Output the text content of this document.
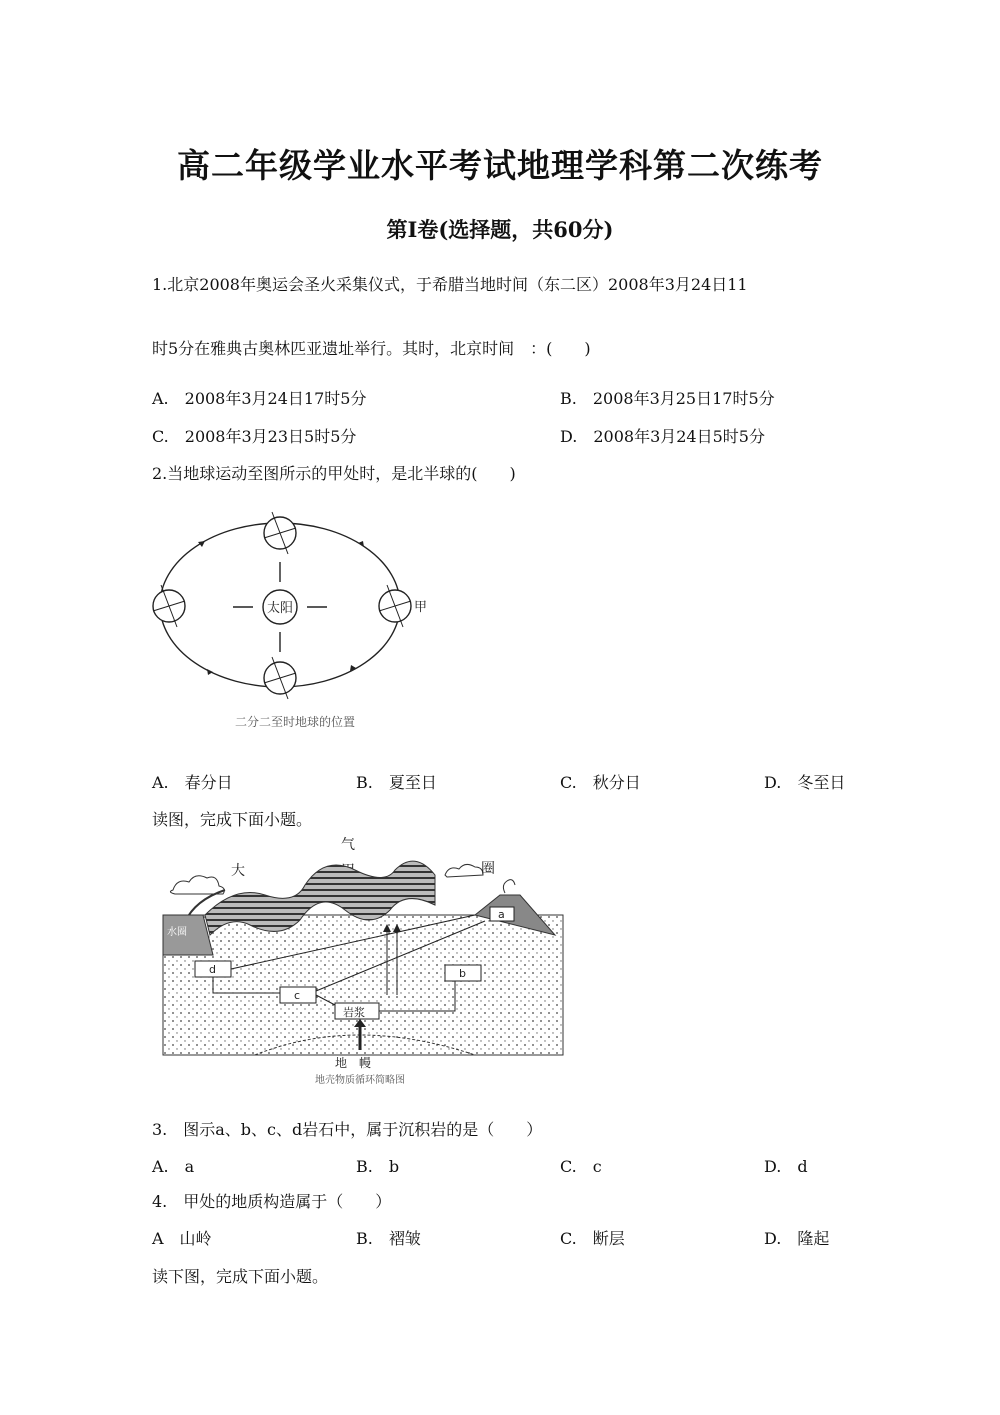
高二年级学业水平考试地理学科第二次练考
第Ⅰ卷(选择题，共60分)
1.北京2008年奥运会圣火采集仪式，于希腊当地时间（东二区）2008年3月24日11
时5分在雅典古奥林匹亚遗址举行。其时，北京时间　：(　　)
A.　2008年3月24日17时5分	B.　2008年3月25日17时5分
C.　2008年3月23日5时5分	D.　2008年3月24日5时5分
2.当地球运动至图所示的甲处时，是北半球的(　　)
太阳	甲
二分二至时地球的位置
A.　春分日	B.　夏至日	C.　秋分日	D.　冬至日
读图，完成下面小题。
大
气
圈
水圈
a
b
c
d
岩浆
地　幔
地壳物质循环简略图
3.　图示a、b、c、d岩石中，属于沉积岩的是（　　）
A.　a	B.　b	C.　c	D.　d
4.　甲处的地质构造属于（　　）
A　山岭	B.　褶皱	C.　断层	D.　隆起
读下图，完成下面小题。
